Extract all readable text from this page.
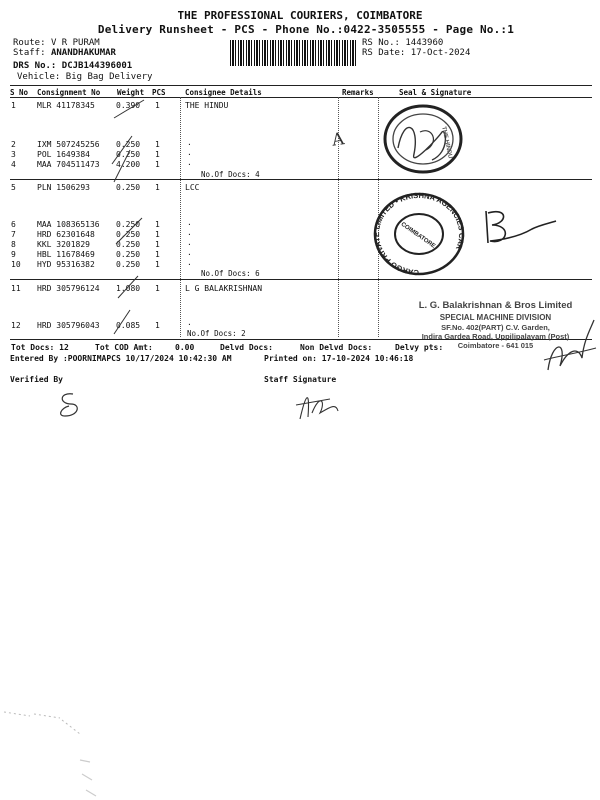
THE PROFESSIONAL COURIERS, COIMBATORE
Delivery Runsheet - PCS - Phone No.:0422-3505555 - Page No.:1
Route: V R PURAM
Staff: ANANDHAKUMAR
DRS No.: DCJB144396001
Vehicle: Big Bag Delivery
RS No.: 1443960
RS Date: 17-Oct-2024
S No Consignment No Weight PCS	Consignee Details	Remarks	Seal & Signature
1	MLR 41178345	0.390 1	THE HINDU
2	IXM 507245256 0.250 1	.
3	POL 1649384	0.250 1	.
4	MAA 704511473 4.200 1	.
No.Of Docs: 4
5	PLN 1506293	0.250 1	LCC
6	MAA 108365136 0.250 1	.
7	HRD 62301648	0.250 1	.
8	KKL 3201829	0.250 1	.
9	HBL 11678469	0.250 1	.
10 HYD 95316382	0.250 1	.
No.Of Docs: 6
11 HRD 305796124 1.080 1	L G BALAKRISHNAN
12 HRD 305796043 0.085 1	.
No.Of Docs: 2
A	THE HINDU
CARGO PRIVATE LIMITED • KRISHNA AGENCIES CAR
COIMBATORE
L. G. Balakrishnan & Bros Limited
SPECIAL MACHINE DIVISION
SF.No. 402(PART) C.V. Garden,
Indira Gardea Road, Uppilipalayam (Post)
Coimbatore - 641 015
Tot Docs: 12	Tot COD Amt:	0.00	Delvd Docs:	Non Delvd Docs:	Delvy pts:
Entered By :POORNIMAPCS 10/17/2024 10:42:30 AM	Printed on: 17-10-2024 10:46:18
Verified By	Staff Signature
